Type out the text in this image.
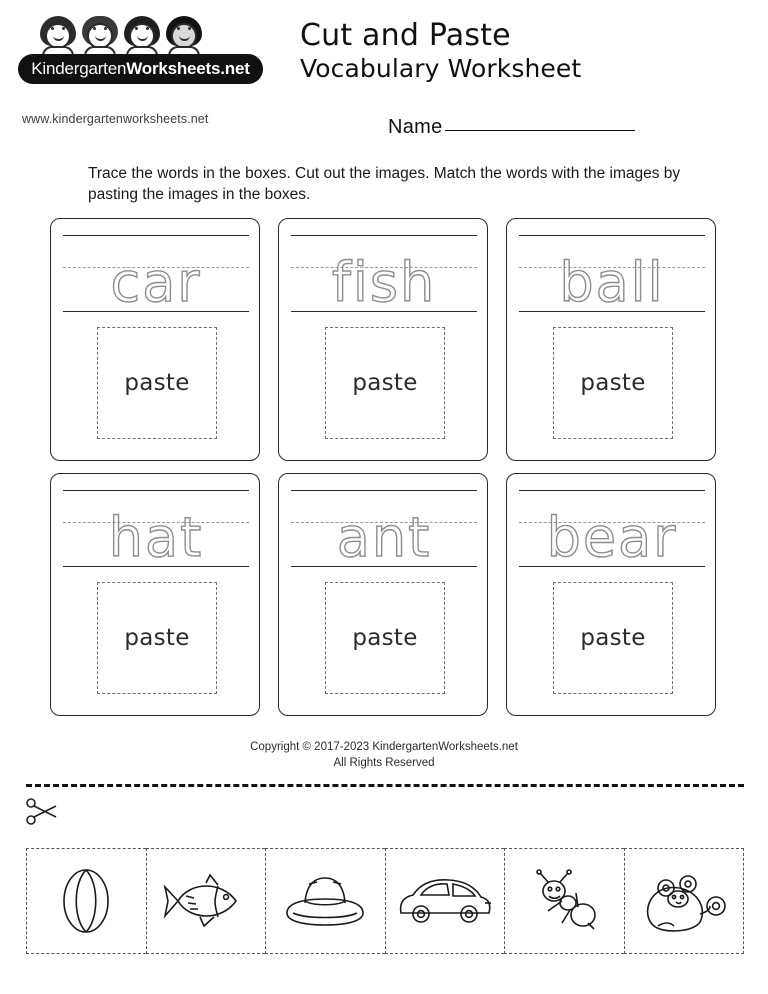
Kindergarten Worksheets .net
www.kindergartenworksheets.net
Cut and Paste
Vocabulary Worksheet
Name
Trace the words in the boxes. Cut out the images. Match the words with the images by pasting the images in the boxes.
car
paste
fish
paste
ball
paste
hat
paste
ant
paste
bear
paste
Copyright © 2017-2023 KindergartenWorksheets.net
All Rights Reserved
